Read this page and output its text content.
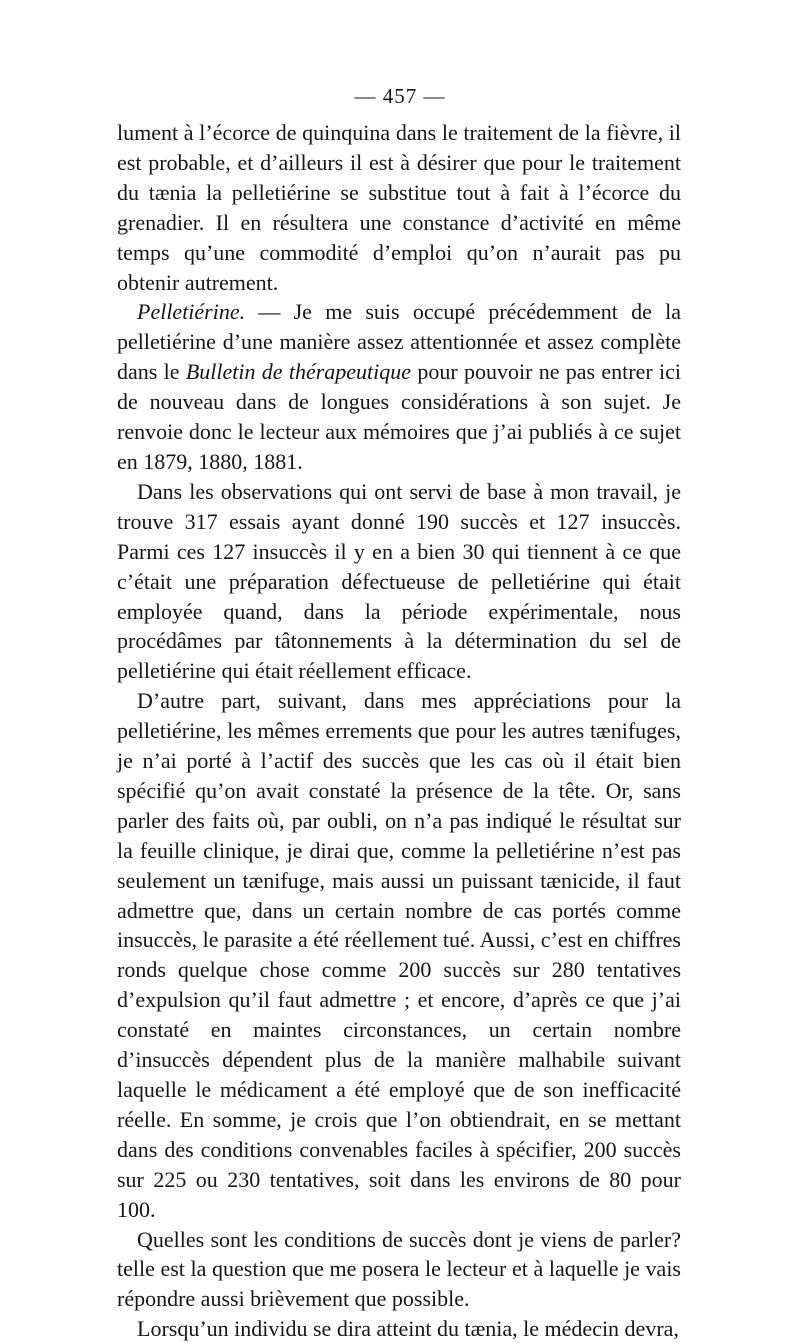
— 457 —

lument à l’écorce de quinquina dans le traitement de la fièvre, il est probable, et d’ailleurs il est à désirer que pour le traitement du tænia la pelletiérine se substitue tout à fait à l’écorce du grenadier. Il en résultera une constance d’activité en même temps qu’une commodité d’emploi qu’on n’aurait pas pu obtenir autrement.

Pelletiérine. — Je me suis occupé précédemment de la pelletiérine d’une manière assez attentionnée et assez complète dans le Bulletin de thérapeutique pour pouvoir ne pas entrer ici de nouveau dans de longues considérations à son sujet. Je renvoie donc le lecteur aux mémoires que j’ai publiés à ce sujet en 1879, 1880, 1881.

Dans les observations qui ont servi de base à mon travail, je trouve 317 essais ayant donné 190 succès et 127 insuccès. Parmi ces 127 insuccès il y en a bien 30 qui tiennent à ce que c’était une préparation défectueuse de pelletiérine qui était employée quand, dans la période expérimentale, nous procédâmes par tâtonnements à la détermination du sel de pelletiérine qui était réellement efficace.

D’autre part, suivant, dans mes appréciations pour la pelletiérine, les mêmes errements que pour les autres tænifuges, je n’ai porté à l’actif des succès que les cas où il était bien spécifié qu’on avait constaté la présence de la tête. Or, sans parler des faits où, par oubli, on n’a pas indiqué le résultat sur la feuille clinique, je dirai que, comme la pelletiérine n’est pas seulement un tænifuge, mais aussi un puissant tænicide, il faut admettre que, dans un certain nombre de cas portés comme insuccès, le parasite a été réellement tué. Aussi, c’est en chiffres ronds quelque chose comme 200 succès sur 280 tentatives d’expulsion qu’il faut admettre ; et encore, d’après ce que j’ai constaté en maintes circonstances, un certain nombre d’insuccès dépendent plus de la manière malhabile suivant laquelle le médicament a été employé que de son inefficacité réelle. En somme, je crois que l’on obtiendrait, en se mettant dans des conditions convenables faciles à spécifier, 200 succès sur 225 ou 230 tentatives, soit dans les environs de 80 pour 100.

Quelles sont les conditions de succès dont je viens de parler? telle est la question que me posera le lecteur et à laquelle je vais répondre aussi brièvement que possible.

Lorsqu’un individu se dira atteint du tænia, le médecin devra,
